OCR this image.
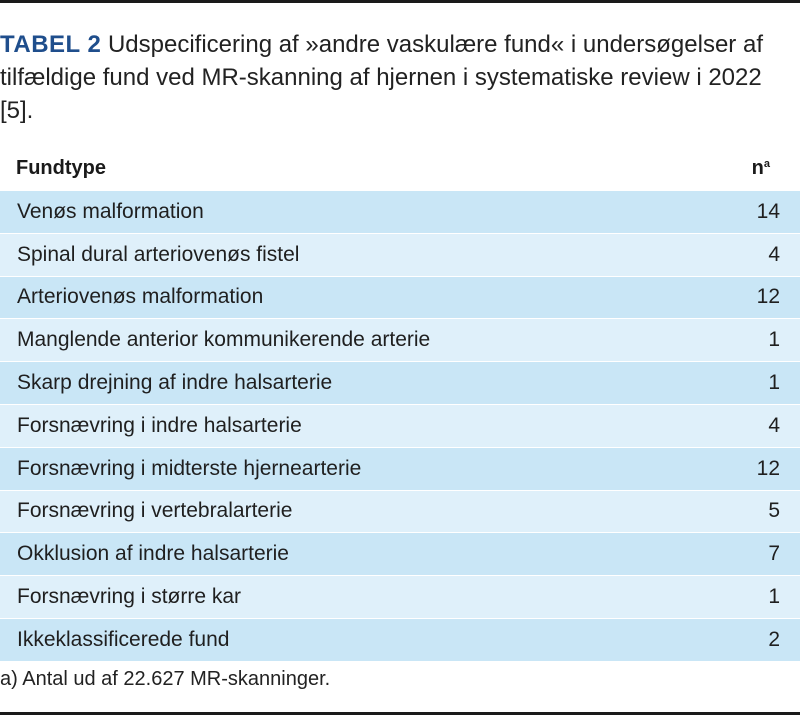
TABEL 2 Udspecificering af »andre vaskulære fund« i undersøgelser af tilfældige fund ved MR-skanning af hjernen i systematiske review i 2022 [5].
Fundtype	$n^a$
Venøs malformation	14
Spinal dural arteriovenøs fistel	4
Arteriovenøs malformation	12
Manglende anterior kommunikerende arterie	1
Skarp drejning af indre halsarterie	1
Forsnævring i indre halsarterie	4
Forsnævring i midterste hjernearterie	12
Forsnævring i vertebralarterie	5
Okklusion af indre halsarterie	7
Forsnævring i større kar	1
Ikkeklassificerede fund	2
a) Antal ud af 22.627 MR-skanninger.
